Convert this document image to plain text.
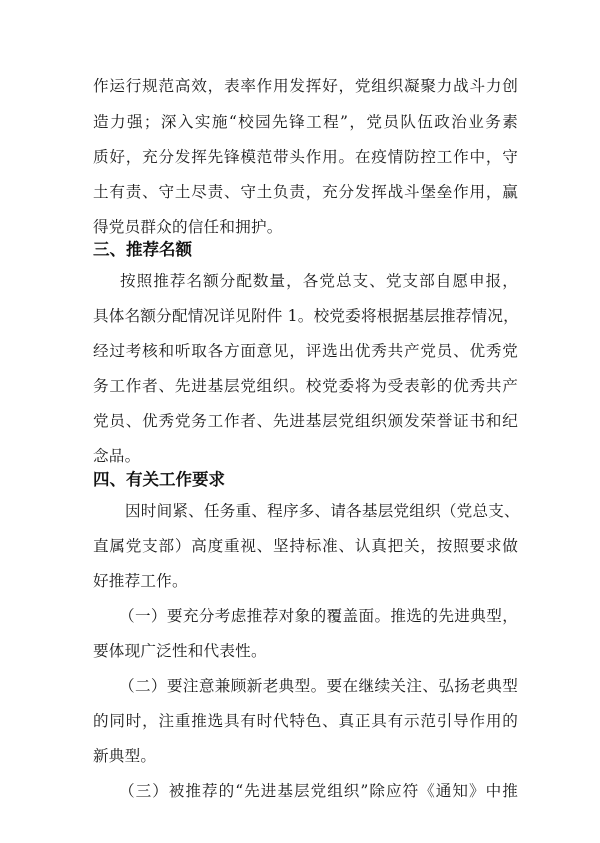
作运行规范高效，表率作用发挥好，党组织凝聚力战斗力创
造力强；深入实施“校园先锋工程”，党员队伍政治业务素
质好，充分发挥先锋模范带头作用。在疫情防控工作中，守
土有责、守土尽责、守土负责，充分发挥战斗堡垒作用，赢
得党员群众的信任和拥护。
三、推荐名额
按照推荐名额分配数量，各党总支、党支部自愿申报，
具体名额分配情况详见附件 1。校党委将根据基层推荐情况，
经过考核和听取各方面意见，评选出优秀共产党员、优秀党
务工作者、先进基层党组织。校党委将为受表彰的优秀共产
党员、优秀党务工作者、先进基层党组织颁发荣誉证书和纪
念品。
四、有关工作要求
因时间紧、任务重、程序多、请各基层党组织（党总支、
直属党支部）高度重视、坚持标准、认真把关，按照要求做
好推荐工作。
（一）要充分考虑推荐对象的覆盖面。推选的先进典型，
要体现广泛性和代表性。
（二）要注意兼顾新老典型。要在继续关注、弘扬老典型
的同时，注重推选具有时代特色、真正具有示范引导作用的
新典型。
（三）被推荐的“先进基层党组织”除应符《通知》中推
